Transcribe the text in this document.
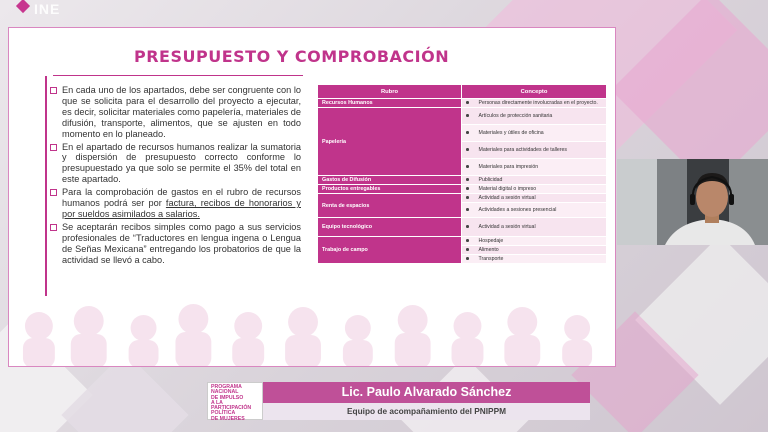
INE
PRESUPUESTO Y COMPROBACIÓN
En cada uno de los apartados, debe ser congruente con lo que se solicita para el desarrollo del proyecto a ejecutar, es decir, solicitar materiales como papelería, materiales de difusión, transporte, alimentos, que se ajusten en todo momento en lo planeado.
En el apartado de recursos humanos realizar la sumatoria y dispersión de presupuesto correcto conforme lo presupuestado ya que solo se permite el 35% del total en este apartado.
Para la comprobación de gastos en el rubro de recursos humanos podrá ser por factura, recibos de honorarios y por sueldos asimilados a salarios.
Se aceptarán recibos simples como pago a sus servicios profesionales de “Traductores en lengua ingena o Lengua de Señas Mexicana” entregando los probatorios de que la actividad se llevó a cabo.
Rubro	Concepto
Recursos Humanos	Personas directamente involucradas en el proyecto.
Papelería	Artículos de protección sanitaria
	Materiales y útiles de oficina
	Materiales para actividades de talleres
	Materiales para impresión
Gastos de Difusión	Publicidad
Productos entregables	Material digital o impreso
Renta de espacios	Actividad a sesión virtual
	Actividades a sesiones presencial
Equipo tecnológico	Actividad a sesión virtual
Trabajo de campo	Hospedaje
	Alimento
	Transporte
PROGRAMA
NACIONAL
DE IMPULSO
A LA PARTICIPACIÓN
POLÍTICA
DE MUJERES
Lic. Paulo Alvarado Sánchez
Equipo de acompañamiento del PNIPPM
